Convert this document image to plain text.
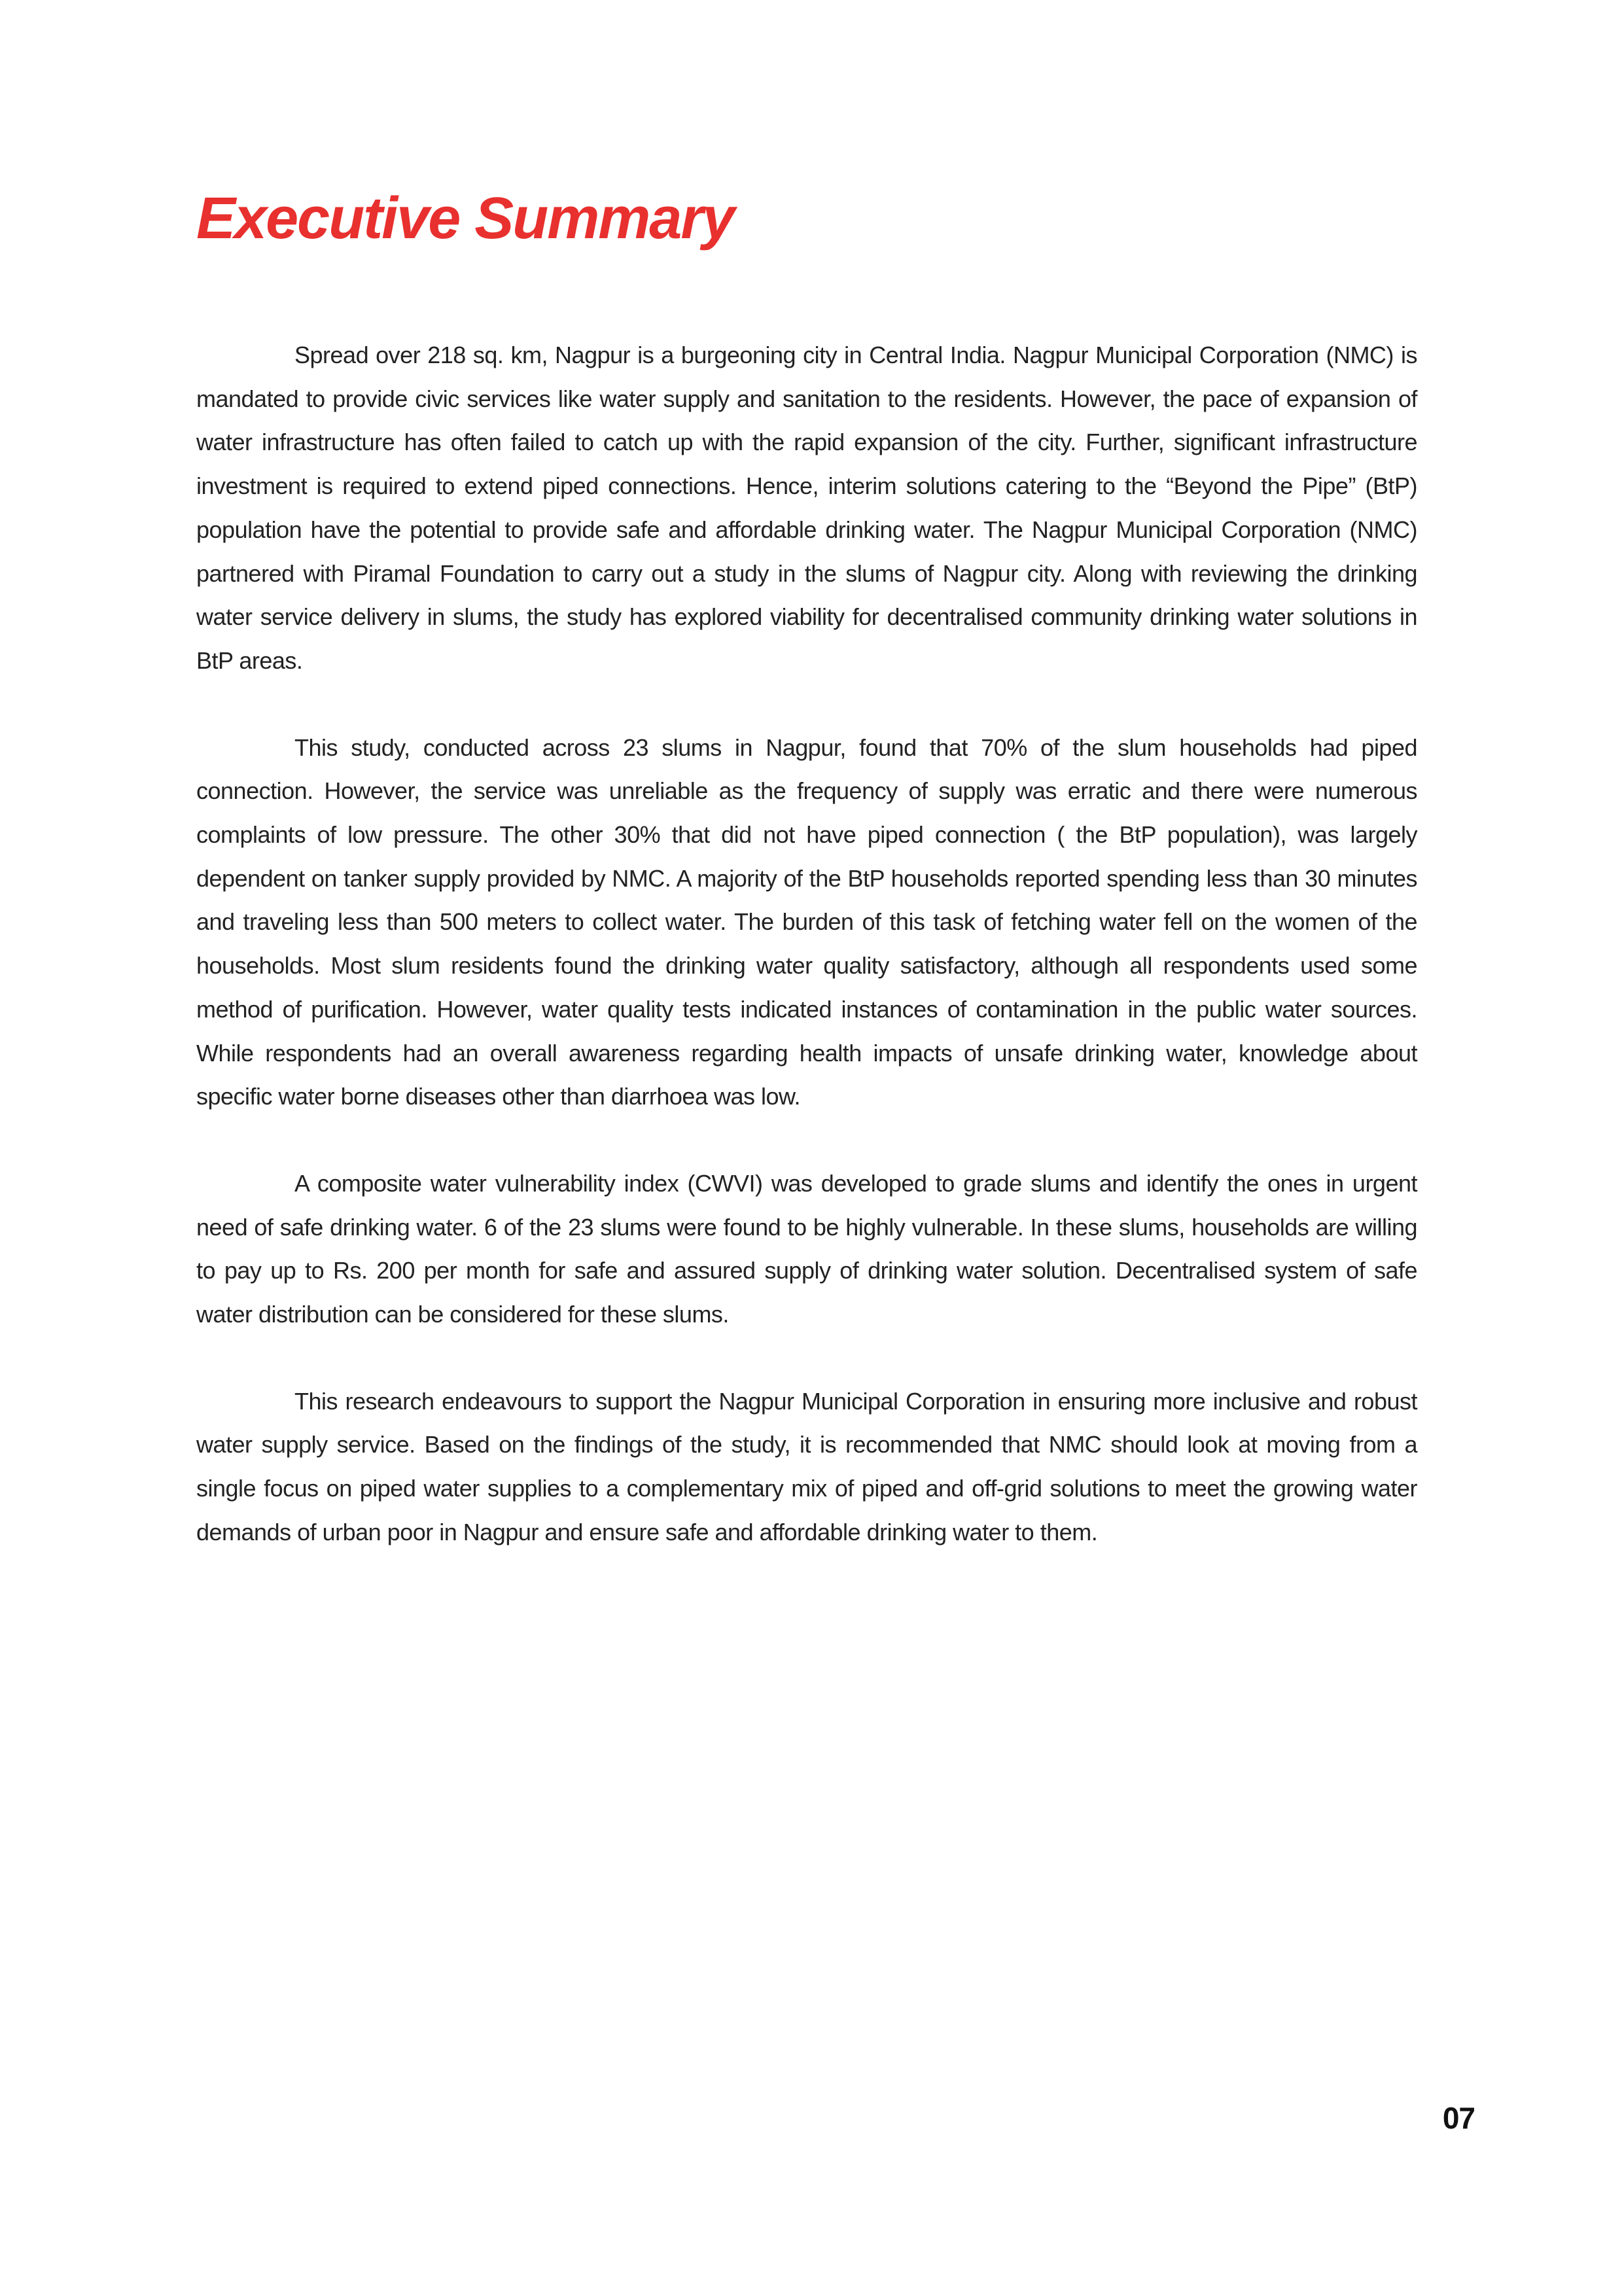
Executive Summary

Spread over 218 sq. km, Nagpur is a burgeoning city in Central India. Nagpur Municipal Corporation (NMC) is mandated to provide civic services like water supply and sanitation to the residents. However, the pace of expansion of water infrastructure has often failed to catch up with the rapid expansion of the city. Further, significant infrastructure investment is required to extend piped connections. Hence, interim solutions catering to the “Beyond the Pipe” (BtP) population have the potential to provide safe and affordable drinking water. The Nagpur Municipal Corporation (NMC) partnered with Piramal Foundation to carry out a study in the slums of Nagpur city. Along with reviewing the drinking water service delivery in slums, the study has explored viability for decentralised community drinking water solutions in BtP areas.

This study, conducted across 23 slums in Nagpur, found that 70% of the slum households had piped connection. However, the service was unreliable as the frequency of supply was erratic and there were numerous complaints of low pressure. The other 30% that did not have piped connection ( the BtP population), was largely dependent on tanker supply provided by NMC. A majority of the BtP households reported spending less than 30 minutes and traveling less than 500 meters to collect water. The burden of this task of fetching water fell on the women of the households. Most slum residents found the drinking water quality satisfactory, although all respondents used some method of purification. However, water quality tests indicated instances of contamination in the public water sources. While respondents had an overall awareness regarding health impacts of unsafe drinking water, knowledge about specific water borne diseases other than diarrhoea was low.

A composite water vulnerability index (CWVI) was developed to grade slums and identify the ones in urgent need of safe drinking water. 6 of the 23 slums were found to be highly vulnerable. In these slums, households are willing to pay up to Rs. 200 per month for safe and assured supply of drinking water solution. Decentralised system of safe water distribution can be considered for these slums.

This research endeavours to support the Nagpur Municipal Corporation in ensuring more inclusive and robust water supply service. Based on the findings of the study, it is recommended that NMC should look at moving from a single focus on piped water supplies to a complementary mix of piped and off-grid solutions to meet the growing water demands of urban poor in Nagpur and ensure safe and affordable drinking water to them.

07
